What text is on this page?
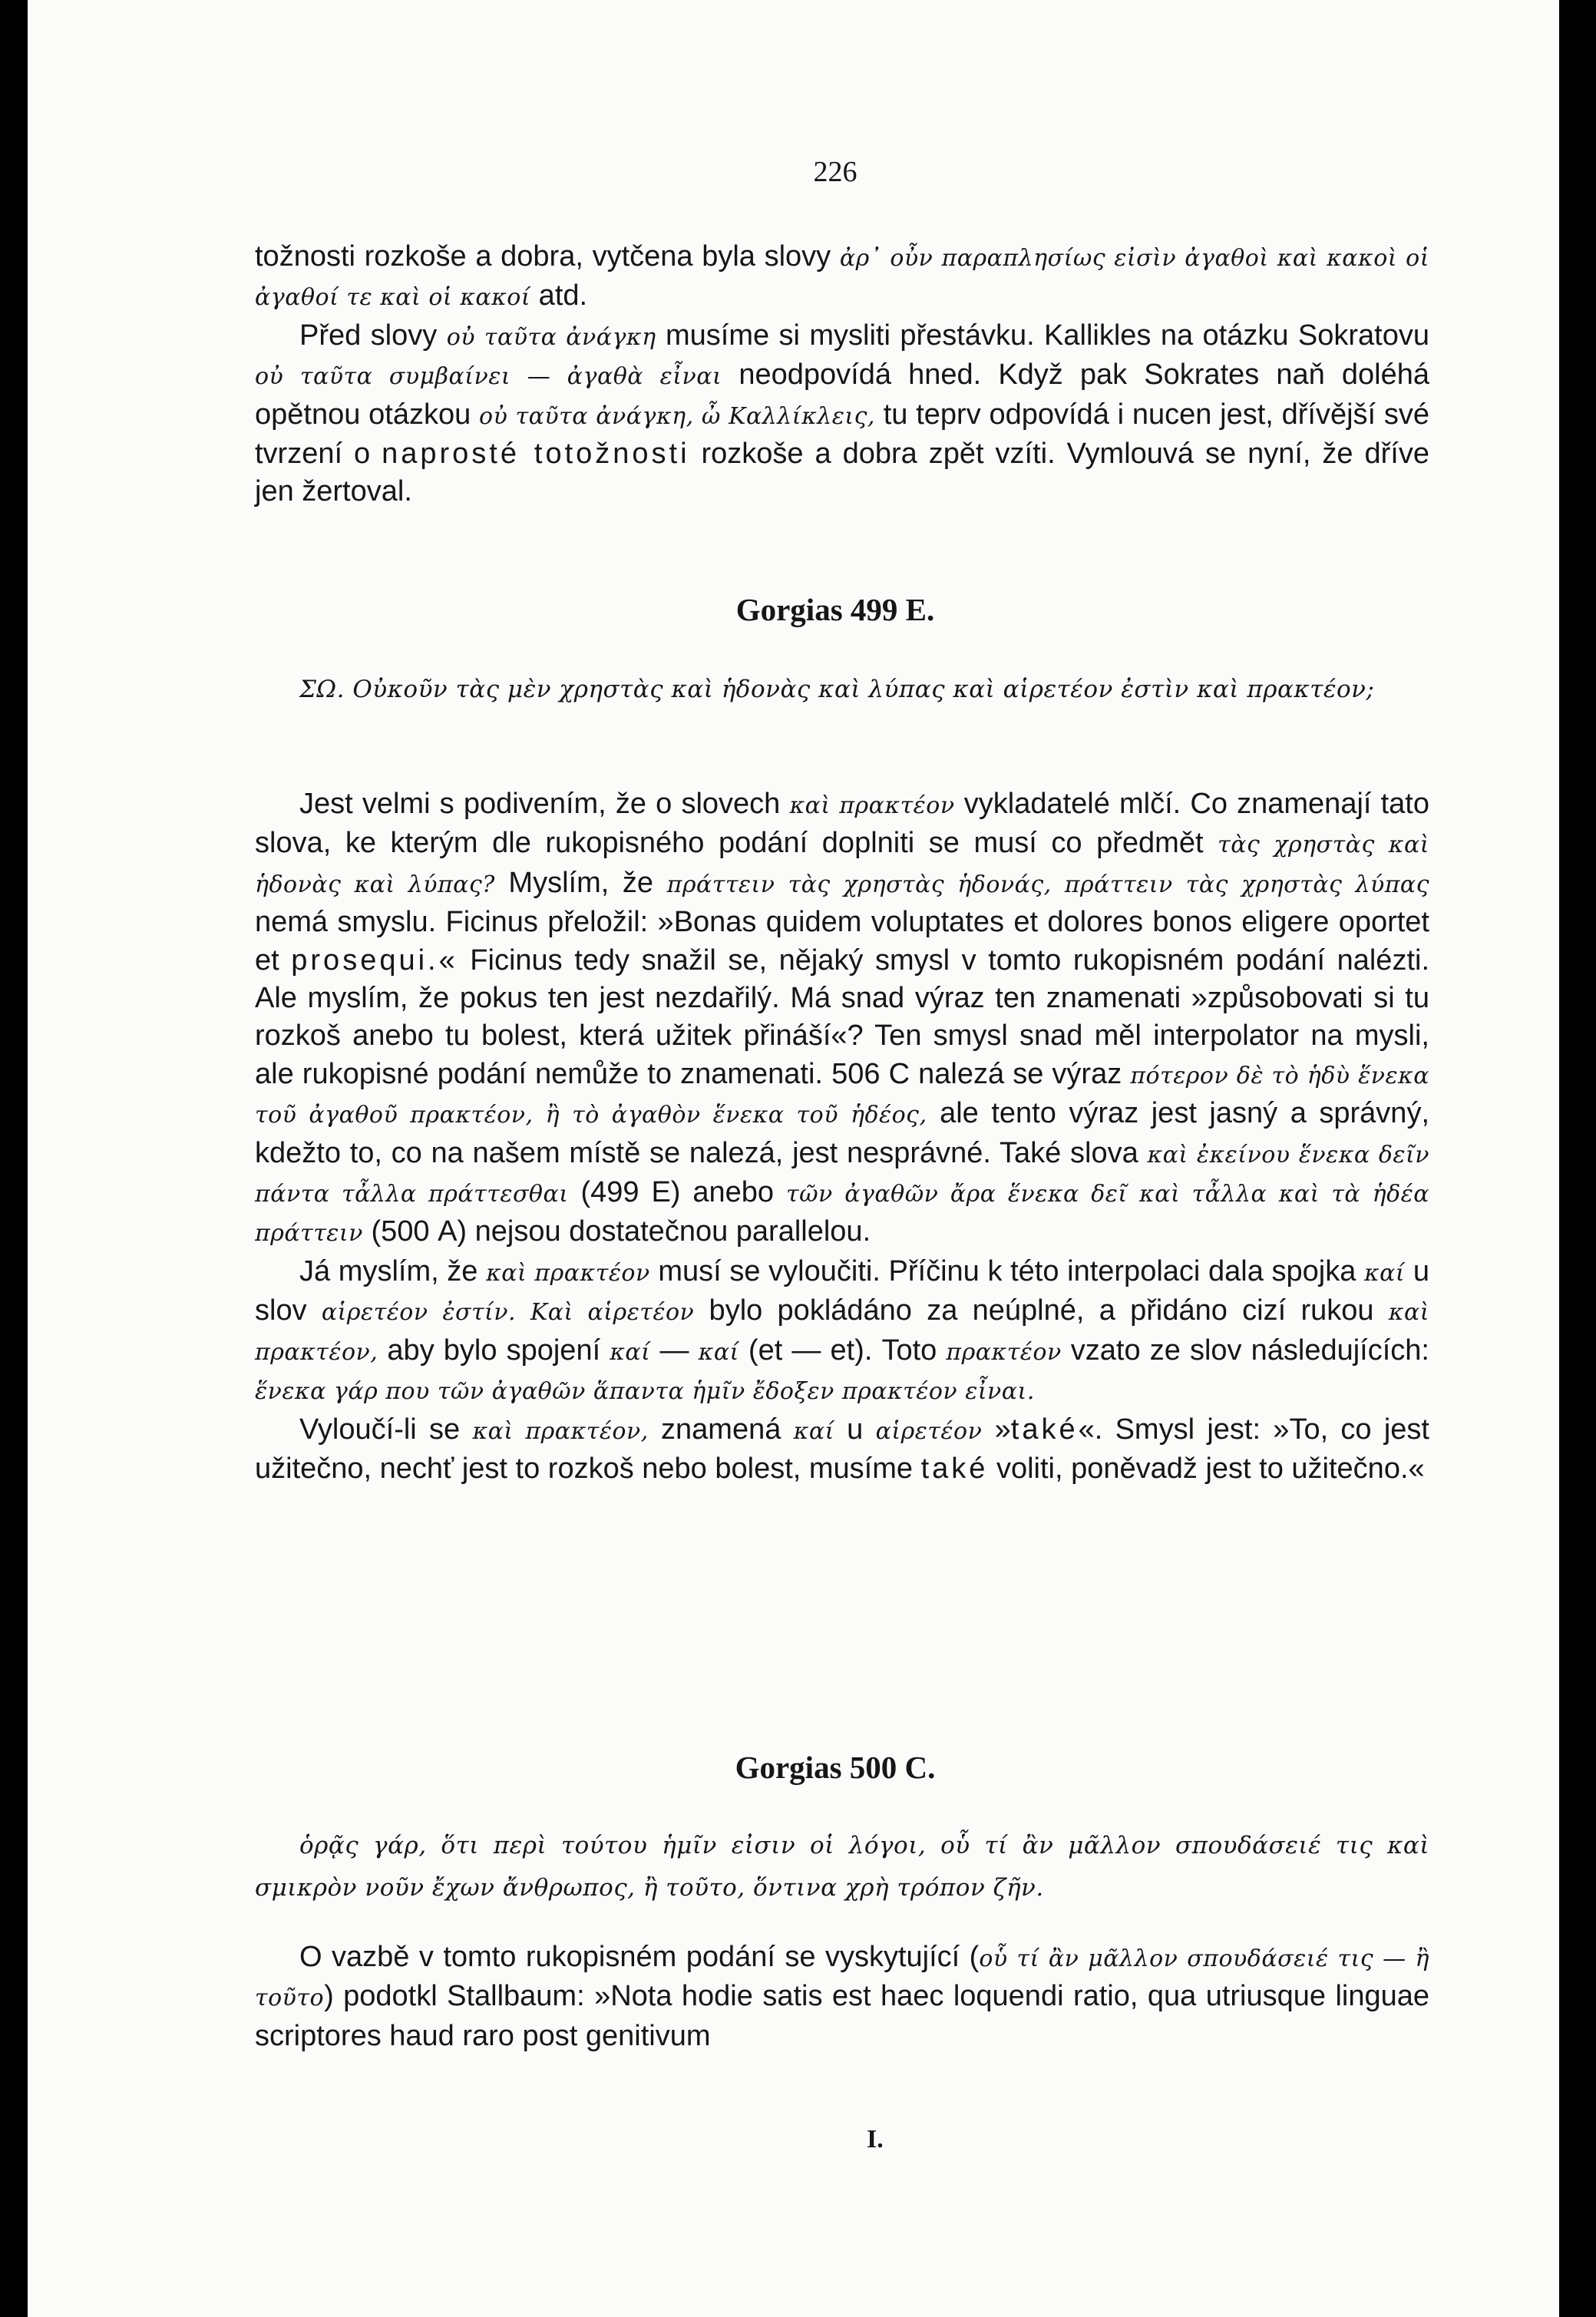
226

tožnosti rozkoše a dobra, vytčena byla slovy ἀρ᾽ οὖν παραπλησίως εἰσὶν ἀγαθοὶ καὶ κακοὶ οἱ ἀγαθοί τε καὶ οἱ κακοί atd.

Před slovy οὐ ταῦτα ἀνάγκη musíme si mysliti přestávku. Kallikles na otázku Sokratovu οὐ ταῦτα συμβαίνει — ἀγαθὰ εἶναι neodpovídá hned. Když pak Sokrates naň doléhá opětnou otázkou οὐ ταῦτα ἀνάγκη, ὦ Καλλίκλεις, tu teprv odpovídá i nucen jest, dřívější své tvrzení o naprosté totožnosti rozkoše a dobra zpět vzíti. Vymlouvá se nyní, že dříve jen žertoval.

Gorgias 499 E.

ΣΩ. Οὐκοῦν τὰς μὲν χρηστὰς καὶ ἡδονὰς καὶ λύπας καὶ αἱρετέον ἐστὶν καὶ πρακτέον;

Jest velmi s podivením, že o slovech καὶ πρακτέον vykladatelé mlčí. Co znamenají tato slova, ke kterým dle rukopisného podání doplniti se musí co předmět τὰς χρηστὰς καὶ ἡδονὰς καὶ λύπας? Myslím, že πράττειν τὰς χρηστὰς ἡδονάς, πράττειν τὰς χρηστὰς λύπας nemá smyslu. Ficinus přeložil: »Bonas quidem voluptates et dolores bonos eligere oportet et prosequi.« Ficinus tedy snažil se, nějaký smysl v tomto rukopisném podání nalézti. Ale myslím, že pokus ten jest nezdařilý. Má snad výraz ten znamenati »způsobovati si tu rozkoš anebo tu bolest, která užitek přináší«? Ten smysl snad měl interpolator na mysli, ale rukopisné podání nemůže to znamenati. 506 C nalezá se výraz πότερον δὲ τὸ ἡδὺ ἕνεκα τοῦ ἀγαθοῦ πρακτέον, ἢ τὸ ἀγαθὸν ἕνεκα τοῦ ἡδέος, ale tento výraz jest jasný a správný, kdežto to, co na našem místě se nalezá, jest nesprávné. Také slova καὶ ἐκείνου ἕνεκα δεῖν πάντα τἆλλα πράττεσθαι (499 E) anebo τῶν ἀγαθῶν ἄρα ἕνεκα δεῖ καὶ τἆλλα καὶ τὰ ἡδέα πράττειν (500 A) nejsou dostatečnou parallelou.

Já myslím, že καὶ πρακτέον musí se vyloučiti. Příčinu k této interpolaci dala spojka καί u slov αἱρετέον ἐστίν. Καὶ αἱρετέον bylo pokládáno za neúplné, a přidáno cizí rukou καὶ πρακτέον, aby bylo spojení καί — καί (et — et). Toto πρακτέον vzato ze slov následujících: ἕνεκα γάρ που τῶν ἀγαθῶν ἅπαντα ἡμῖν ἔδοξεν πρακτέον εἶναι.

Vyloučí-li se καὶ πρακτέον, znamená καί u αἱρετέον »také«. Smysl jest: »To, co jest užitečno, nechť jest to rozkoš nebo bolest, musíme také voliti, poněvadž jest to užitečno.«

Gorgias 500 C.

ὁρᾷς γάρ, ὅτι περὶ τούτου ἡμῖν εἰσιν οἱ λόγοι, οὗ τί ἂν μᾶλλον σπουδάσειέ τις καὶ σμικρὸν νοῦν ἔχων ἄνθρωπος, ἢ τοῦτο, ὅντινα χρὴ τρόπον ζῆν.

O vazbě v tomto rukopisném podání se vyskytující (οὗ τί ἂν μᾶλλον σπουδάσειέ τις — ἢ τοῦτο) podotkl Stallbaum: »Nota hodie satis est haec loquendi ratio, qua utriusque linguae scriptores haud raro post genitivum

I.
